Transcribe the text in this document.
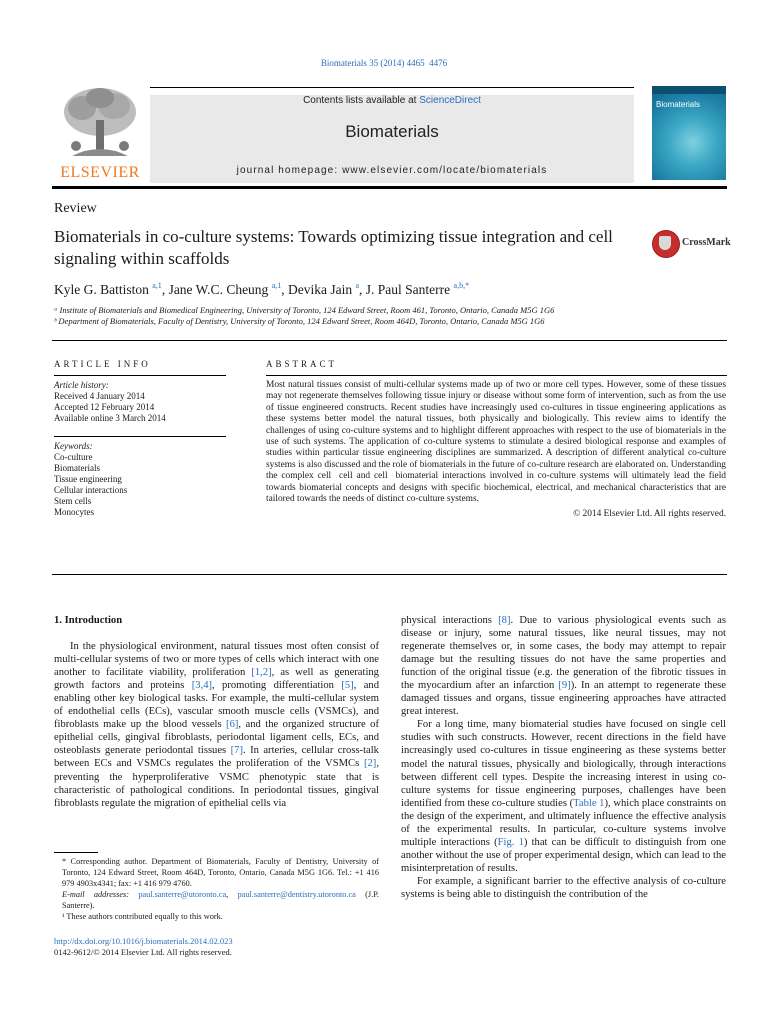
Biomaterials 35 (2014) 4465  4476
ELSEVIER
Contents lists available at ScienceDirect
Biomaterials
journal homepage: www.elsevier.com/locate/biomaterials
Biomaterials
Review
Biomaterials in co-culture systems: Towards optimizing tissue integration and cell signaling within scaffolds
CrossMark
Kyle G. Battiston $^{a,1}$, Jane W.C. Cheung $^{a,1}$, Devika Jain $^a$, J. Paul Santerre $^{a,b,*}$
ᵃ Institute of Biomaterials and Biomedical Engineering, University of Toronto, 124 Edward Street, Room 461, Toronto, Ontario, Canada M5G 1G6
ᵇ Department of Biomaterials, Faculty of Dentistry, University of Toronto, 124 Edward Street, Room 464D, Toronto, Ontario, Canada M5G 1G6
ARTICLE INFO
Article history:
Received 4 January 2014
Accepted 12 February 2014
Available online 3 March 2014
Keywords:
Co-culture
Biomaterials
Tissue engineering
Cellular interactions
Stem cells
Monocytes
ABSTRACT
Most natural tissues consist of multi-cellular systems made up of two or more cell types. However, some of these tissues may not regenerate themselves following tissue injury or disease without some form of intervention, such as from the use of tissue engineered constructs. Recent studies have increasingly used co-cultures in tissue engineering applications as these systems better model the natural tissues, both physically and biologically. This review aims to identify the challenges of using co-culture systems and to highlight different approaches with respect to the use of biomaterials in the use of such systems. The application of co-culture systems to stimulate a desired biological response and examples of studies within particular tissue engineering disciplines are summarized. A description of different analytical co-culture systems is also discussed and the role of biomaterials in the future of co-culture research are elaborated on. Understanding the complex cell  cell and cell  biomaterial interactions involved in co-culture systems will ultimately lead the field towards biomaterial concepts and designs with specific biochemical, electrical, and mechanical characteristics that are tailored towards the needs of distinct co-culture systems.
© 2014 Elsevier Ltd. All rights reserved.

1. Introduction

In the physiological environment, natural tissues most often consist of multi-cellular systems of two or more types of cells which interact with one another to facilitate viability, proliferation [1,2], as well as generating growth factors and proteins [3,4], promoting differentiation [5], and enabling other key biological tasks. For example, the multi-cellular system of endothelial cells (ECs), vascular smooth muscle cells (VSMCs), and fibroblasts make up the blood vessels [6], and the organized structure of epithelial cells, gingival fibroblasts, periodontal ligament cells, ECs, and osteoblasts generate periodontal tissues [7]. In arteries, cellular cross-talk between ECs and VSMCs regulates the proliferation of the VSMCs [2], preventing the hyperproliferative VSMC phenotypic state that is characteristic of pathological conditions. In periodontal tissues, gingival fibroblasts regulate the migration of epithelial cells via

* Corresponding author. Department of Biomaterials, Faculty of Dentistry, University of Toronto, 124 Edward Street, Room 464D, Toronto, Ontario, Canada M5G 1G6. Tel.: +1 416 979 4903x4341; fax: +1 416 979 4760.

E-mail addresses: paul.santerre@utoronto.ca, paul.santerre@dentistry.utoronto.ca (J.P. Santerre).

¹ These authors contributed equally to this work.

http://dx.doi.org/10.1016/j.biomaterials.2014.02.023
0142-9612/© 2014 Elsevier Ltd. All rights reserved.

physical interactions [8]. Due to various physiological events such as disease or injury, some natural tissues, like neural tissues, may not regenerate themselves or, in some cases, the body may attempt to repair damage but the resulting tissues do not have the same properties and function of the original tissue (e.g. the generation of the fibrotic tissues in the myocardium after an infarction [9]). In an attempt to regenerate these damaged tissues and organs, tissue engineering approaches have attracted great interest.

For a long time, many biomaterial studies have focused on single cell studies with such constructs. However, recent directions in the field have increasingly used co-cultures in tissue engineering as these systems better model the natural tissues, physically and biologically, through interactions between different cell types. Despite the increasing interest in using co-culture systems for tissue engineering purposes, challenges have been identified from these co-culture studies (Table 1), which place constraints on the design of the experiment, and ultimately influence the effective analysis of the experimental results. In particular, co-culture systems involve multiple interactions (Fig. 1) that can be difficult to distinguish from one another without the use of proper experimental design, which can lead to the misinterpretation of results.

For example, a significant barrier to the effective analysis of co-culture systems is being able to distinguish the contribution of the
